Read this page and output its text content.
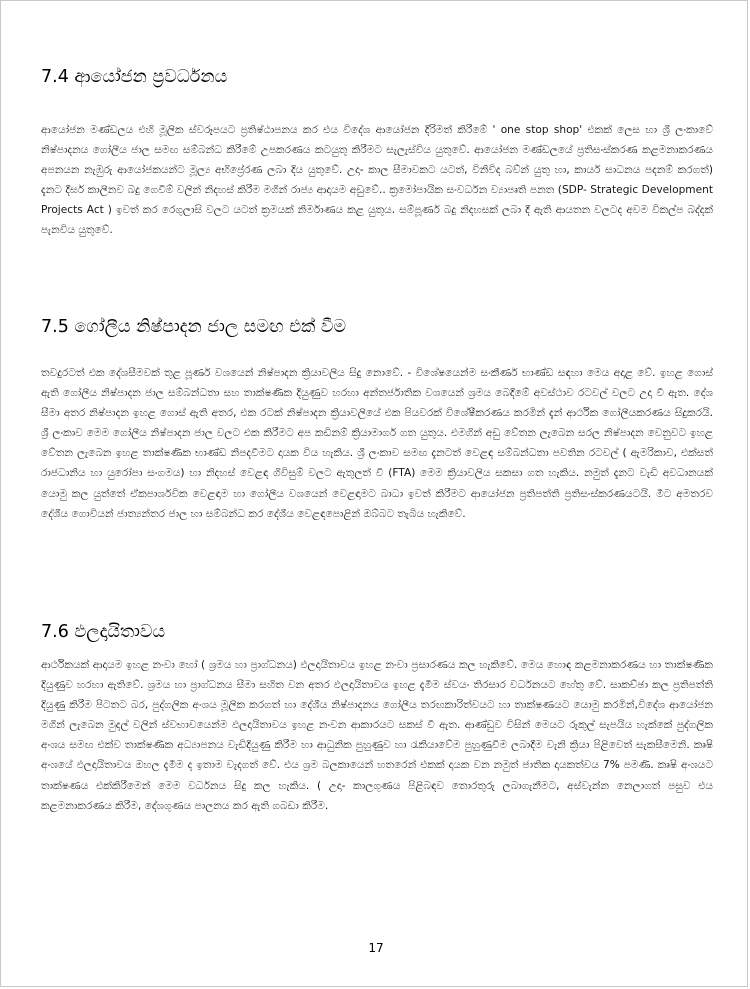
7.4 ආයෝජන ප්‍රවර්ධනය

ආයෝජන මණ්ඩලය එහි මූලික ස්වරූපයට ප්‍රතිෂ්ඨාපනය කර එය විදේශ ආයෝජන දිරිමත් කිරීමේ ' one stop shop' එකක් ලෙස හා ශ්‍රී ලංකාවේ නිෂ්පාදනය ගෝලීය ජාල සමඟ සම්බන්ධ කිරීමේ උපකරණය කටයුතු කිරීමට සැලැස්විය යුතුවේ. ආයෝජන මණ්ඩලයේ ප්‍රතිසංස්කරණ කළමනාකරණය අපනයන නැඹුරු ආයෝජකයන්ට මූල්‍ය අභිප්‍රේරණ ලබා දිය යුතුවේ. උදා- කාල සීමාවකට යටත්, විනිවිද බව්න් යුතු හා, කාර්ය සාධනය පදනම් කරගත්) දැනට දීර්ඝ කාලීනව බදු ගෙවීම් වලින් නිදහස් කිරීම මගින් රාජ්‍ය ආදායම අඩුවේ.. ක්‍රමෝපායික සංවර්ධන ව්‍යාපෘති පනත (SDP- Strategic Development Projects Act ) ඉවත් කර රෙගුලාසි වලට යටත් ක්‍රමයක් නිර්මාණය කළ යුතුය. සම්පූර්ණ බදු නිදහසක් ලබා දී ඇති ආයතන වලටද අවම විකල්ප බද්දක් පැනවිය යුතුවේ.

7.5 ගෝලීය නිෂ්පාදන ජාල සමඟ එක් වීම

තවදුරටත් එක දේශසීමවක් තුළ පූර්ණ වශයෙන් නිෂ්පාදන ක්‍රියාවලිය සිදු නොවේ. - විශේෂයෙන්ම සංකීර්ණ භාණ්ඩ සඳහා මෙය අදාළ වේ. ඉහළ ගොස් ඇති ගෝලීය නිෂ්පාදන ජාල සම්බන්ධතා සහ තාක්ෂණික දියුණුව හරහා අන්තර්ජාතික වශයෙන් ශ්‍රමය බෙදීමේ අවස්ථාව රටවල් වලට උදා වී ඇත. දේශ සීමා අතර නිෂ්පාදන ඉහළ ගොස් ඇති අතර, එක රටක් නිෂ්පාදන ක්‍රියාවලියේ එක පියවරක් විශේෂීකරණය කරමින් දැන් ආර්ථික ගෝලීයකරණය සිදුකරයි. ශ්‍රී ලංකාව මෙම ගෝලීය නිෂ්පාදන ජාල වලට එක කිරීමට අප කඩිනම් ක්‍රියාමාර්ග ගත යුතුය. එමගින් අඩු වේතන ලැබෙන සරල නිෂ්පාදන වෙනුවට ඉහළ වේතන ලැබෙන ඉහළ තාක්ෂණික භාණ්ඩ නිපදවීමට දායක විය හැකිය. ශ්‍රී ලංකාව සමඟ දැනටත් වෙළඳ සම්බන්ධතා පවතින රටවල් ( ඇමරිකාව, එක්සත් රාජධානිය හා යුරෝපා සංගමය) හා නිදහස් වෙළඳ ගිවිසුම් වලට ඇතුලත් වී (FTA) මෙම ක්‍රියාවලිය සකසා ගත හැකිය. නමුත් දැනට වැඩි අවධානයක් යොමු කල යුත්තේ ඒකපාර්ශවික වෙළඳාම හා ගෝලීය වශයෙන් වෙළඳාමට බාධා ඉවත් කිරීමට ආයෝජන ප්‍රතිපත්ති ප්‍රතිසංස්කරණයටයි. මීට අමතරව දේශීය ගොවියන් ජාත්‍යන්තර ජාල හා සම්බන්ධ කර දේශීය වෙළඳපොළින් ඔබ්බට තැබිය හැකිවේ.

7.6 ඵලදායිතාවය

ආර්ථිකයක් ආදායම ඉහළ නංවා හෝ ( ශ්‍රමය හා ප්‍රාග්ධනය) ඵලදායිතාවය ඉහළ නංවා ප්‍රසාරණය කල හැකිවේ. මෙය හොඳ කළමනාකරණය හා තාක්ෂණික දියුණුව හරහා ඇතිවේ. ශ්‍රමය හා ප්‍රාග්ධනය සීමා සහිත වන අතර ඵලදායිතාවය ඉහළ දැමීම ස්වයං තිරසාර වර්ධනයට හේතු වේ. සාකච්ඡා කල ප්‍රතිපත්ති දියුණු කිරීම පිටතට බර, පුද්ගලික අංශය මූලික කරගත් හා දේශීය නිෂ්පාදනය ගෝලීය තරඟකාරිත්වයට හා තාක්ෂණයට යොමු කරමින්,විදේශ ආයෝජන මගින් ලැබෙන මුදල් වලින් ස්වභාවයෙන්ම ඵලදායිතාවය ඉහළ නංවන ආකාරයට සකස් වී ඇත. ආණ්ඩුව විසින් මෙයට රුකුල් සැපයිය හැක්කේ පුද්ගලික අංශය සමඟ එක්ව තාක්ෂණික අධ්‍යාපනය වැඩිදියුණු කිරීම හා ආධුනික පුහුණුව හා රැකියාවේම පුහුණුවීම ලබාදීම වැනි ක්‍රියා පිළිවෙත් සැකසීමෙනි. කෘෂි අංශයේ ඵලදායිතාවය ඔහල දැමීම ද ඉතාම වැදගත් වේ. එය ශ්‍රම බලකායෙන් හතරෙන් එකක් දායක වන නමුත් ජාතික දායකත්වය 7% පමණි. කෘෂි අංශයට තාක්ෂණය එක්කිරීමෙන් මෙම වර්ධනය සිදු කල හැකිය. ( උදා- කාලගුණය පිළිබඳව තොරතුරු ලබාගැනීමට, අස්වැන්න නෙලාගත් පසුව එය කළමනාකරණය කිරීම, දේශගුණය පාලනය කර ඇති ගබඩා කිරීම.

17
